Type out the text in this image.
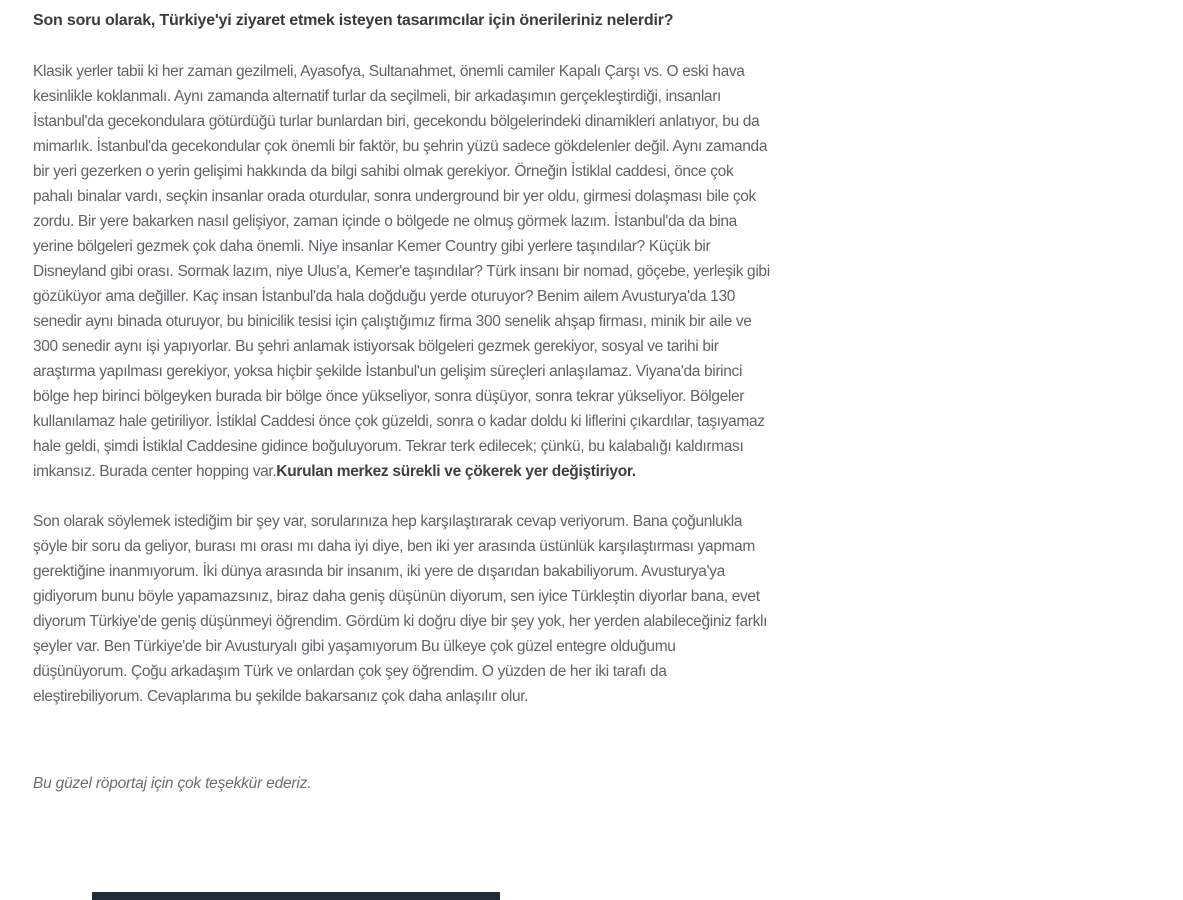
Son soru olarak, Türkiye'yi ziyaret etmek isteyen tasarımcılar için önerileriniz nelerdir?

Klasik yerler tabii ki her zaman gezilmeli, Ayasofya, Sultanahmet, önemli camiler Kapalı Çarşı vs. O eski hava kesinlikle koklanmalı. Aynı zamanda alternatif turlar da seçilmeli, bir arkadaşımın gerçekleştirdiği, insanları İstanbul'da gecekondulara götürdüğü turlar bunlardan biri, gecekondu bölgelerindeki dinamikleri anlatıyor, bu da mimarlık. İstanbul'da gecekondular çok önemli bir faktör, bu şehrin yüzü sadece gökdelenler değil. Aynı zamanda bir yeri gezerken o yerin gelişimi hakkında da bilgi sahibi olmak gerekiyor. Örneğin İstiklal caddesi, önce çok pahalı binalar vardı, seçkin insanlar orada oturdular, sonra underground bir yer oldu, girmesi dolaşması bile çok zordu. Bir yere bakarken nasıl gelişiyor, zaman içinde o bölgede ne olmuş görmek lazım. İstanbul'da da bina yerine bölgeleri gezmek çok daha önemli. Niye insanlar Kemer Country gibi yerlere taşındılar? Küçük bir Disneyland gibi orası. Sormak lazım, niye Ulus'a, Kemer'e taşındılar? Türk insanı bir nomad, göçebe, yerleşik gibi gözüküyor ama değiller. Kaç insan İstanbul'da hala doğduğu yerde oturuyor? Benim ailem Avusturya'da 130 senedir aynı binada oturuyor, bu binicilik tesisi için çalıştığımız firma 300 senelik ahşap firması, minik bir aile ve 300 senedir aynı işi yapıyorlar. Bu şehri anlamak istiyorsak bölgeleri gezmek gerekiyor, sosyal ve tarihi bir araştırma yapılması gerekiyor, yoksa hiçbir şekilde İstanbul'un gelişim süreçleri anlaşılamaz. Viyana'da birinci bölge hep birinci bölgeyken burada bir bölge önce yükseliyor, sonra düşüyor, sonra tekrar yükseliyor. Bölgeler kullanılamaz hale getiriliyor. İstiklal Caddesi önce çok güzeldi, sonra o kadar doldu ki liflerini çıkardılar, taşıyamaz hale geldi, şimdi İstiklal Caddesine gidince boğuluyorum. Tekrar terk edilecek; çünkü, bu kalabalığı kaldırması imkansız. Burada center hopping var.Kurulan merkez sürekli ve çökerek yer değiştiriyor.

Son olarak söylemek istediğim bir şey var, sorularınıza hep karşılaştırarak cevap veriyorum. Bana çoğunlukla şöyle bir soru da geliyor, burası mı orası mı daha iyi diye, ben iki yer arasında üstünlük karşılaştırması yapmam gerektiğine inanmıyorum. İki dünya arasında bir insanım, iki yere de dışarıdan bakabiliyorum. Avusturya'ya gidiyorum bunu böyle yapamazsınız, biraz daha geniş düşünün diyorum, sen iyice Türkleştin diyorlar bana, evet diyorum Türkiye'de geniş düşünmeyi öğrendim. Gördüm ki doğru diye bir şey yok, her yerden alabileceğiniz farklı şeyler var. Ben Türkiye'de bir Avusturyalı gibi yaşamıyorum Bu ülkeye çok güzel entegre olduğumu düşünüyorum. Çoğu arkadaşım Türk ve onlardan çok şey öğrendim. O yüzden de her iki tarafı da eleştirebiliyorum. Cevaplarıma bu şekilde bakarsanız çok daha anlaşılır olur.

Bu güzel röportaj için çok teşekkür ederiz.
